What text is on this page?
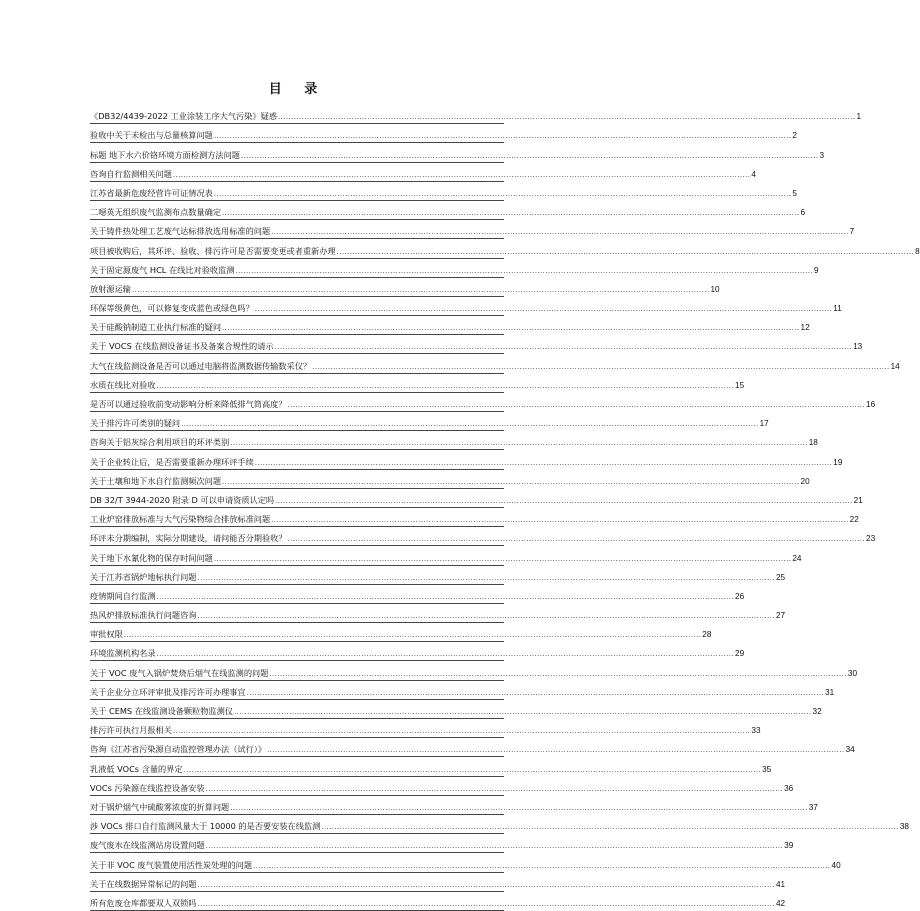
目 录
《DB32/4439-2022 工业涂装工序大气污染》疑惑 ............................................................................................................................................................................................................................ 1
验收中关于未检出与总量核算问题 ............................................................................................................................................................................................................................ 2
标题 地下水六价铬环境方面检测方法问题 ............................................................................................................................................................................................................................ 3
咨询自行监测相关问题 ............................................................................................................................................................................................................................ 4
江苏省最新危废经营许可证情况表 ............................................................................................................................................................................................................................ 5
二噁英无组织废气监测布点数量确定 ............................................................................................................................................................................................................................ 6
关于铸件热处理工艺废气达标排放选用标准的问题 ............................................................................................................................................................................................................................ 7
项目被收购后，其环评、验收、排污许可是否需要变更或者重新办理 ............................................................................................................................................................................................................................ 8
关于固定源废气 HCL 在线比对验收监测 ............................................................................................................................................................................................................................ 9
放射源运输 ............................................................................................................................................................................................................................ 10
环保等级黄色，可以修复变成蓝色或绿色吗？ ............................................................................................................................................................................................................................ 11
关于硅酸钠制造工业执行标准的疑问 ............................................................................................................................................................................................................................ 12
关于 VOCS 在线监测设备证书及备案合规性的请示 ............................................................................................................................................................................................................................ 13
大气在线监测设备是否可以通过电脑将监测数据传输数采仪？ ............................................................................................................................................................................................................................ 14
水质在线比对验收 ............................................................................................................................................................................................................................ 15
是否可以通过验收前变动影响分析来降低排气筒高度？ ............................................................................................................................................................................................................................ 16
关于排污许可类别的疑问 ............................................................................................................................................................................................................................ 17
咨询关于铝灰综合利用项目的环评类别 ............................................................................................................................................................................................................................ 18
关于企业转让后，是否需要重新办理环评手续 ............................................................................................................................................................................................................................ 19
关于土壤和地下水自行监测频次问题 ............................................................................................................................................................................................................................ 20
DB 32/T 3944-2020 附录 D 可以申请资质认定吗 ............................................................................................................................................................................................................................ 21
工业炉窑排放标准与大气污染物综合排放标准问题 ............................................................................................................................................................................................................................ 22
环评未分期编制，实际分期建设，请问能否分期验收？ ............................................................................................................................................................................................................................ 23
关于地下水氰化物的保存时间问题 ............................................................................................................................................................................................................................ 24
关于江苏省锅炉地标执行问题 ............................................................................................................................................................................................................................ 25
疫情期间自行监测 ............................................................................................................................................................................................................................ 26
热风炉排放标准执行问题咨询 ............................................................................................................................................................................................................................ 27
审批权限 ............................................................................................................................................................................................................................ 28
环境监测机构名录 ............................................................................................................................................................................................................................ 29
关于 VOC 废气入锅炉焚烧后烟气在线监测的问题 ............................................................................................................................................................................................................................ 30
关于企业分立环评审批及排污许可办理事宜 ............................................................................................................................................................................................................................ 31
关于 CEMS 在线监测设备颗粒物监测仪 ............................................................................................................................................................................................................................ 32
排污许可执行月报相关 ............................................................................................................................................................................................................................ 33
咨询《江苏省污染源自动监控管理办法（试行）》 ............................................................................................................................................................................................................................ 34
乳液低 VOCs 含量的界定 ............................................................................................................................................................................................................................ 35
VOCs 污染源在线监控设备安装 ............................................................................................................................................................................................................................ 36
对于锅炉烟气中硫酸雾浓度的折算问题 ............................................................................................................................................................................................................................ 37
涉 VOCs 排口自行监测风量大于 10000 的是否要安装在线监测 ............................................................................................................................................................................................................................ 38
废气废水在线监测站房设置问题 ............................................................................................................................................................................................................................ 39
关于非 VOC 废气装置使用活性炭处理的问题 ............................................................................................................................................................................................................................ 40
关于在线数据异常标记的问题 ............................................................................................................................................................................................................................ 41
所有危废仓库都要双人双锁吗 ............................................................................................................................................................................................................................ 42
